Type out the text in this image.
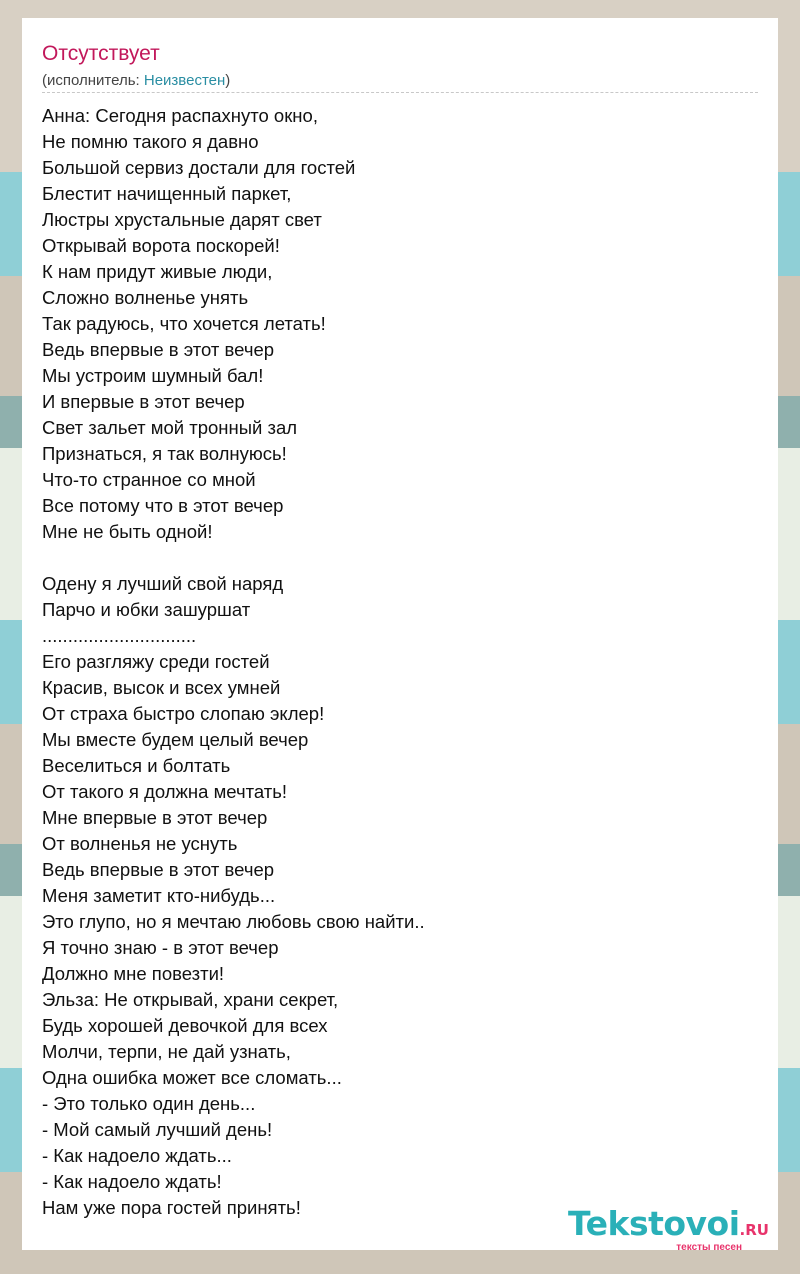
Отсутствует
(исполнитель: Неизвестен)
Анна: Сегодня распахнуто окно,
Не помню такого я давно
Большой сервиз достали для гостей
Блестит начищенный паркет,
Люстры хрустальные дарят свет
Открывай ворота поскорей!
К нам придут живые люди,
Сложно волненье унять
Так радуюсь, что хочется летать!
Ведь впервые в этот вечер
Мы устроим шумный бал!
И впервые в этот вечер
Свет зальет мой тронный зал
Признаться, я так волнуюсь!
Что-то странное со мной
Все потому что в этот вечер
Мне не быть одной!
Одену я лучший свой наряд
Парчо и юбки зашуршат
..............................
Его разгляжу среди гостей
Красив, высок и всех умней
От страха быстро слопаю эклер!
Мы вместе будем целый вечер
Веселиться и болтать
От такого я должна мечтать!
Мне впервые в этот вечер
От волненья не уснуть
Ведь впервые в этот вечер
Меня заметит кто-нибудь...
Это глупо, но я мечтаю любовь свою найти..
Я точно знаю - в этот вечер
Должно мне повезти!
Эльза: Не открывай, храни секрет,
Будь хорошей девочкой для всех
Молчи, терпи, не дай узнать,
Одна ошибка может все сломать...
- Это только один день...
- Мой самый лучший день!
- Как надоело ждать...
- Как надоело ждать!
Нам уже пора гостей принять!	Tekstovoi.RU
тексты песен
